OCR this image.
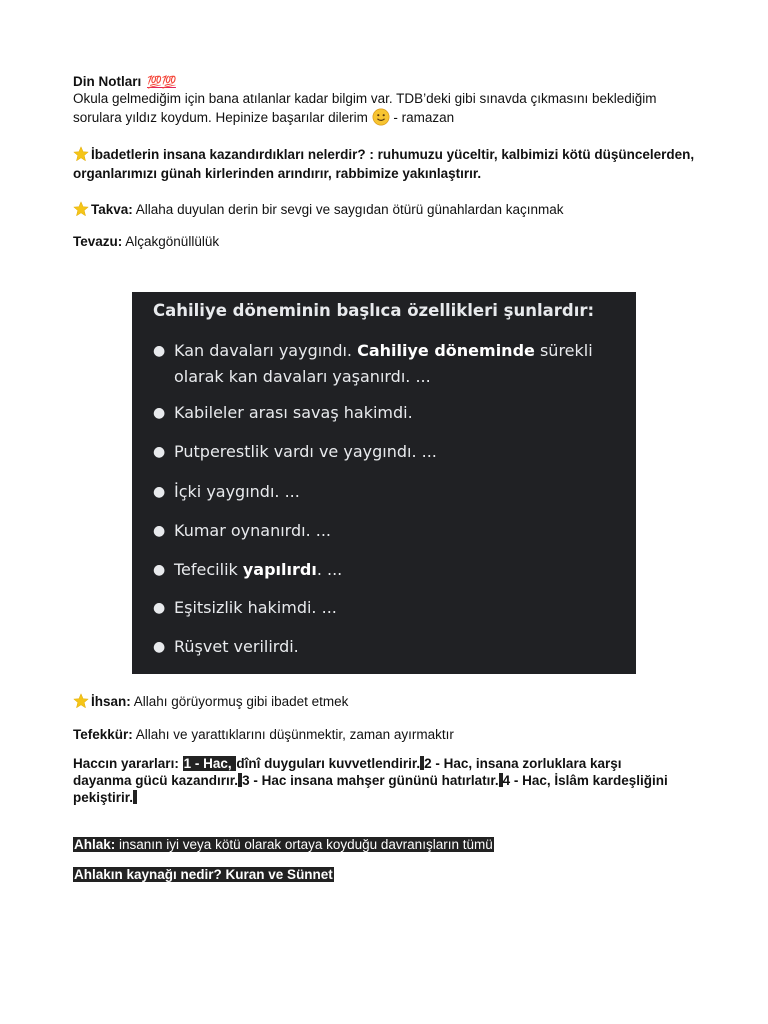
Din Notları 💯💯
Okula gelmediğim için bana atılanlar kadar bilgim var. TDB’deki gibi sınavda çıkmasını beklediğim sorulara yıldız koydum. Hepinize başarılar dilerim  - ramazan
İbadetlerin insana kazandırdıkları nelerdir? : ruhumuzu yüceltir, kalbimizi kötü düşüncelerden, organlarımızı günah kirlerinden arındırır, rabbimize yakınlaştırır.
Takva: Allaha duyulan derin bir sevgi ve saygıdan ötürü günahlardan kaçınmak
Tevazu: Alçakgönüllülük
Cahiliye döneminin başlıca özellikleri şunlardır:
● Kan davaları yaygındı. Cahiliye döneminde sürekli olarak kan davaları yaşanırdı. ...
● Kabileler arası savaş hakimdi.
● Putperestlik vardı ve yaygındı. ...
● İçki yaygındı. ...
● Kumar oynanırdı. ...
● Tefecilik yapılırdı. ...
● Eşitsizlik hakimdi. ...
● Rüşvet verilirdi.
İhsan: Allahı görüyormuş gibi ibadet etmek
Tefekkür: Allahı ve yarattıklarını düşünmektir, zaman ayırmaktır
Haccın yararları: 1 - Hac, dînî duyguları kuvvetlendirir. 2 - Hac, insana zorluklara karşı dayanma gücü kazandırır. 3 - Hac insana mahşer gününü hatırlatır. 4 - Hac, İslâm kardeşliğini pekiştirir.
Ahlak: insanın iyi veya kötü olarak ortaya koyduğu davranışların tümü
Ahlakın kaynağı nedir? Kuran ve Sünnet
